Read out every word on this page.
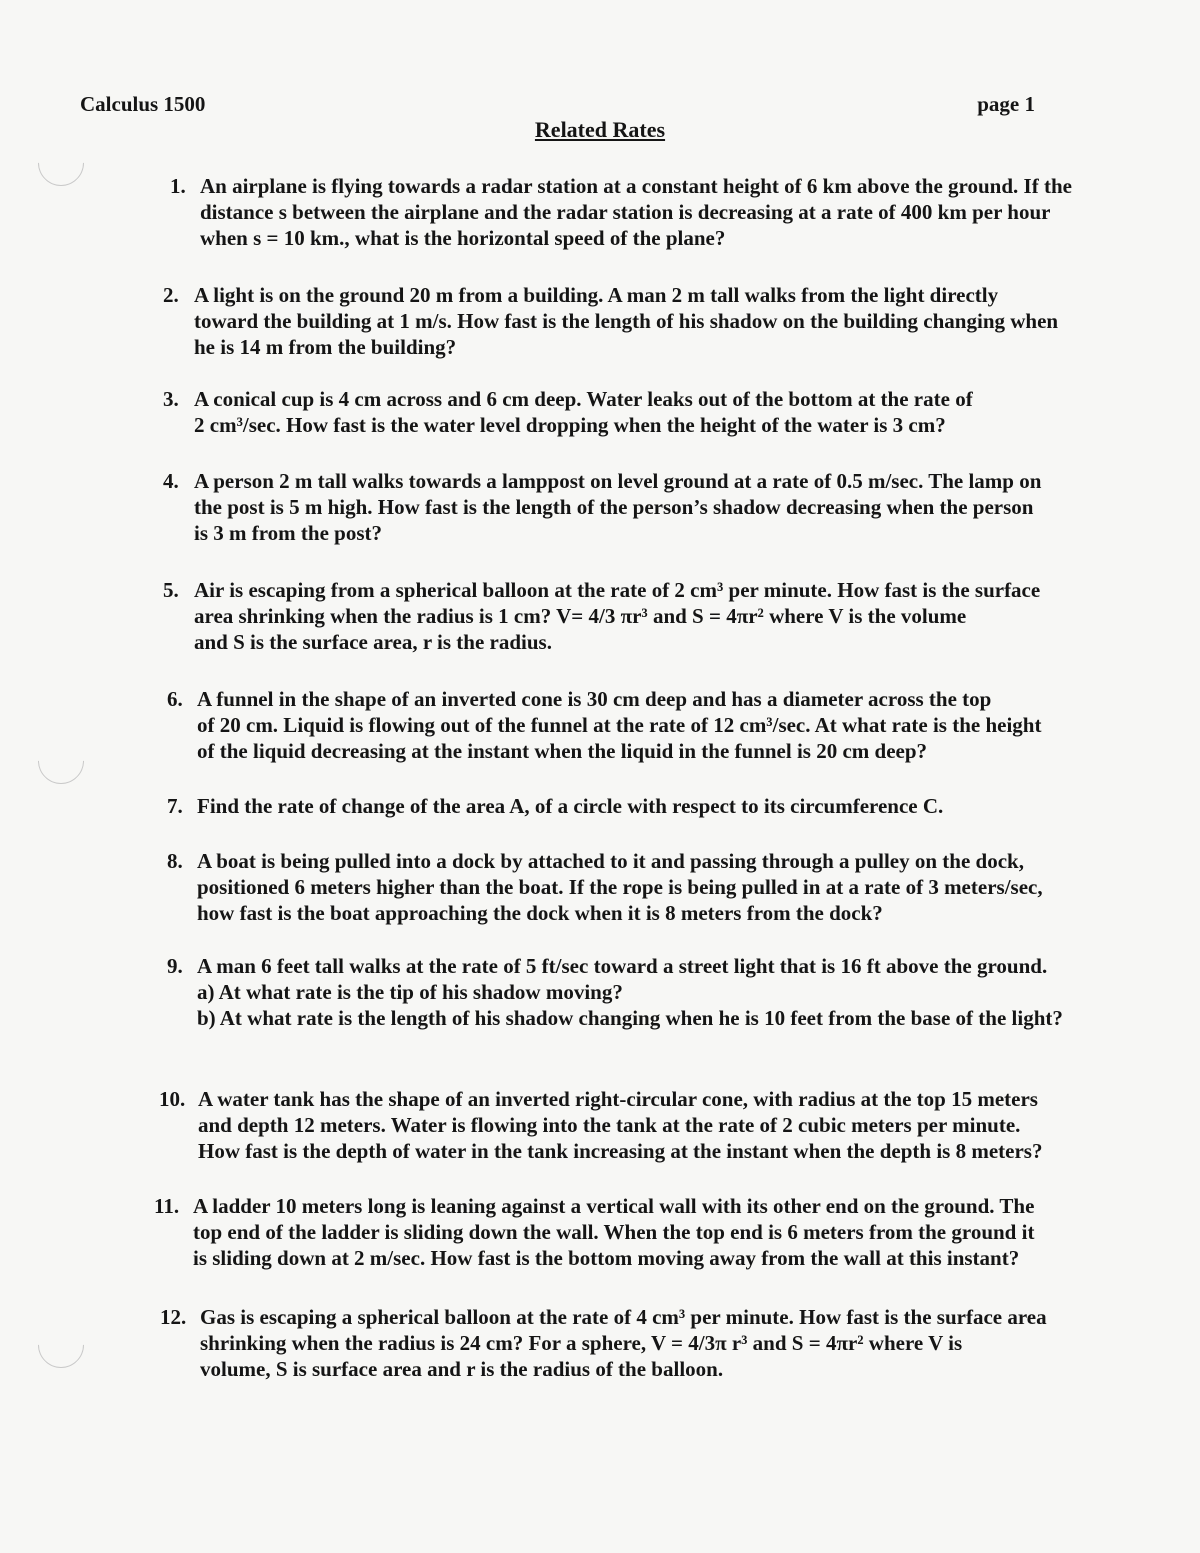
Calculus 1500	page 1
Related Rates
1. An airplane is flying towards a radar station at a constant height of 6 km above the ground. If the
distance s between the airplane and the radar station is decreasing at a rate of 400 km per hour
when s = 10 km., what is the horizontal speed of the plane?
2. A light is on the ground 20 m from a building. A man 2 m tall walks from the light directly
toward the building at 1 m/s. How fast is the length of his shadow on the building changing when
he is 14 m from the building?
3. A conical cup is 4 cm across and 6 cm deep. Water leaks out of the bottom at the rate of
2 cm³/sec. How fast is the water level dropping when the height of the water is 3 cm?
4. A person 2 m tall walks towards a lamppost on level ground at a rate of 0.5 m/sec. The lamp on
the post is 5 m high. How fast is the length of the person’s shadow decreasing when the person
is 3 m from the post?
5. Air is escaping from a spherical balloon at the rate of 2 cm³ per minute. How fast is the surface
area shrinking when the radius is 1 cm? V= 4/3 πr³ and S = 4πr² where V is the volume
and S is the surface area, r is the radius.
6. A funnel in the shape of an inverted cone is 30 cm deep and has a diameter across the top
of 20 cm. Liquid is flowing out of the funnel at the rate of 12 cm³/sec. At what rate is the height
of the liquid decreasing at the instant when the liquid in the funnel is 20 cm deep?
7. Find the rate of change of the area A, of a circle with respect to its circumference C.
8. A boat is being pulled into a dock by attached to it and passing through a pulley on the dock,
positioned 6 meters higher than the boat. If the rope is being pulled in at a rate of 3 meters/sec,
how fast is the boat approaching the dock when it is 8 meters from the dock?
9. A man 6 feet tall walks at the rate of 5 ft/sec toward a street light that is 16 ft above the ground.
a) At what rate is the tip of his shadow moving?
b) At what rate is the length of his shadow changing when he is 10 feet from the base of the light?
10. A water tank has the shape of an inverted right-circular cone, with radius at the top 15 meters
and depth 12 meters. Water is flowing into the tank at the rate of 2 cubic meters per minute.
How fast is the depth of water in the tank increasing at the instant when the depth is 8 meters?
11. A ladder 10 meters long is leaning against a vertical wall with its other end on the ground. The
top end of the ladder is sliding down the wall. When the top end is 6 meters from the ground it
is sliding down at 2 m/sec. How fast is the bottom moving away from the wall at this instant?
12. Gas is escaping a spherical balloon at the rate of 4 cm³ per minute. How fast is the surface area
shrinking when the radius is 24 cm? For a sphere, V = 4/3π r³ and S = 4πr² where V is
volume, S is surface area and r is the radius of the balloon.
